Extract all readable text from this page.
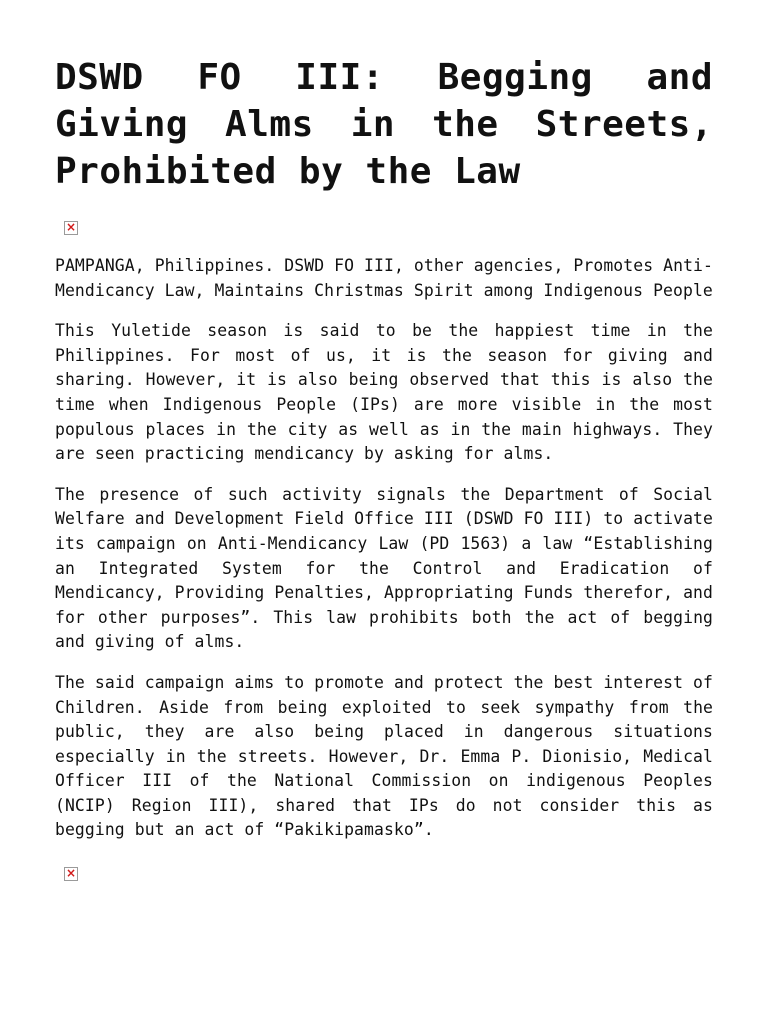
DSWD FO III: Begging and Giving Alms in the Streets, Prohibited by the Law
×

PAMPANGA, Philippines. DSWD FO III, other agencies, Promotes Anti-Mendicancy Law, Maintains Christmas Spirit among Indigenous People

This Yuletide season is said to be the happiest time in the Philippines. For most of us, it is the season for giving and sharing. However, it is also being observed that this is also the time when Indigenous People (IPs) are more visible in the most populous places in the city as well as in the main highways. They are seen practicing mendicancy by asking for alms.

The presence of such activity signals the Department of Social Welfare and Development Field Office III (DSWD FO III) to activate its campaign on Anti-Mendicancy Law (PD 1563) a law “Establishing an Integrated System for the Control and Eradication of Mendicancy, Providing Penalties, Appropriating Funds therefor, and for other purposes”. This law prohibits both the act of begging and giving of alms.

The said campaign aims to promote and protect the best interest of Children. Aside from being exploited to seek sympathy from the public, they are also being placed in dangerous situations especially in the streets. However, Dr. Emma P. Dionisio, Medical Officer III of the National Commission on indigenous Peoples (NCIP) Region III), shared that IPs do not consider this as begging but an act of “Pakikipamasko”.

×
